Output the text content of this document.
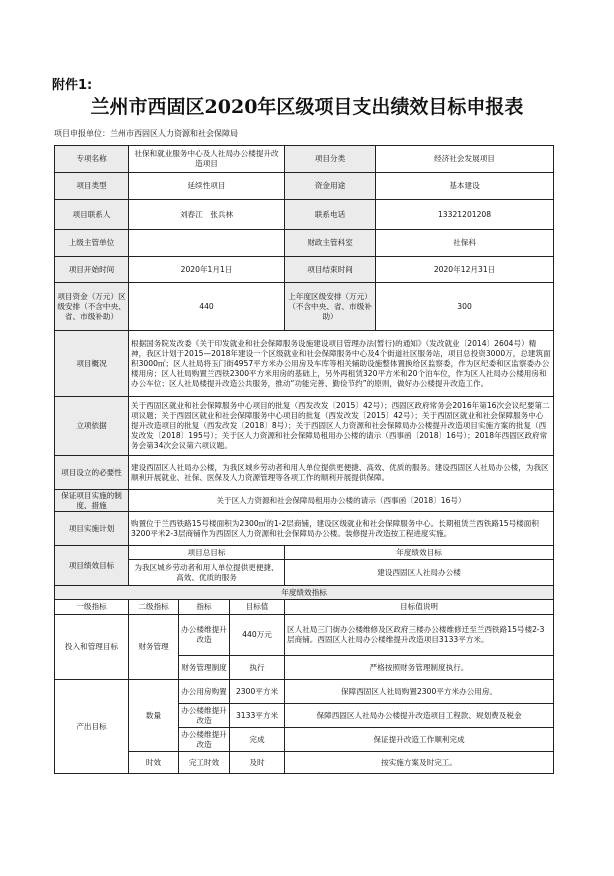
附件1:
兰州市西固区2020年区级项目支出绩效目标申报表
项目申报单位：兰州市西固区人力资源和社会保障局
专项名称	社保和就业服务中心及人社局办公楼提升改造项目			项目分类	经济社会发展项目
项目类型	延续性项目			资金用途	基本建设
项目联系人	刘春江　张兵林			联系电话	13321201208
上级主管单位				财政主管科室	社保科
项目开始时间	2020年1月1日			项目结束时间	2020年12月31日
项目资金（万元）区级安排（不含中央、省、市级补助）	440			上年度区级安排（万元）（不含中央、省、市级补助）	300
项目概况	根据国务院发改委《关于印发就业和社会保障服务设施建设项目管理办法(暂行)的通知》（发改就业〔2014〕2604号）精神，我区计划于2015—2018年建设一个区级就业和社会保障服务中心及4个街道社区服务站，项目总投资3000万，总建筑面积3000㎡；区人社局将玉门街4957平方米办公用房及车库等相关辅助设施整体置换给区监察委，作为区纪委和区监察委办公楼用房；区人社局购置兰西铁2300平方米用房的基础上，另外再租赁320平方米和20个泊车位，作为区人社局办公楼用房和办公车位；区人社局楼提升改造公共服务，推动“功能完善、勤俭节约”的原则，做好办公楼提升改造工作。				
立项依据	关于西固区就业和社会保障服务中心项目的批复（西发改发〔2015〕42号）；西固区政府常务会2016年第16次会议纪要第二项议题；关于西固区就业和社会保障服务中心项目的批复（西发改发〔2015〕42号）；关于西固区就业和社会保障服务中心提升改造项目的批复（西发改发〔2018〕8号）；关于西固区人力资源和社会保障局办公楼提升改造项目实施方案的批复（西发改发〔2018〕195号）；关于区人力资源和社会保障局租用办公楼的请示（西事函〔2018〕16号）；2018年西固区政府常务会第34次会议第六项议题。				
项目设立的必要性	建设西固区人社局办公楼，为我区城乡劳动者和用人单位提供更便捷、高效、优质的服务。建设西固区人社局办公楼，为我区顺利开展就业、社保、医保及人力资源管理等各项工作的顺利开展提供保障。				
保证项目实施的制度、措施	关于区人力资源和社会保障局租用办公楼的请示（西事函〔2018〕16号）				
项目实施计划	购置位于兰西铁路15号楼面积为2300㎡的1-2层商铺，建设区级就业和社会保障服务中心。长期租赁兰西铁路15号楼面积3200平米2-3层商铺作为西固区人力资源和社会保障局办公楼。装修提升改造按工程进度实施。				
项目绩效目标	项目总目标			年度绩效目标	
	为我区城乡劳动者和用人单位提供更便捷、高效、优质的服务			建设西固区人社局办公楼	
年度绩效指标					
一级指标	二级指标	指标	目标值	目标值说明	
投入和管理目标	财务管理	办公楼维提升改造	440万元	区人社局三门街办公楼维修及区政府三楼办公楼维修迁至兰西铁路15号楼2-3层商铺。西固区人社局办公楼维提升改造项目3133平方米。	
		财务管理制度	执行	严格按照财务管理制度执行。	
产出目标	数量	办公用房购置	2300平方米	保障西固区人社局购置2300平方米办公用房。	
		办公楼维提升改造	3133平方米	保障西固区人社局办公楼提升改造项目工程款、规划费及税金	
		办公楼维提升改造	完成	保证提升改造工作顺利完成	
	时效	完工时效	及时	按实施方案及时完工。	
